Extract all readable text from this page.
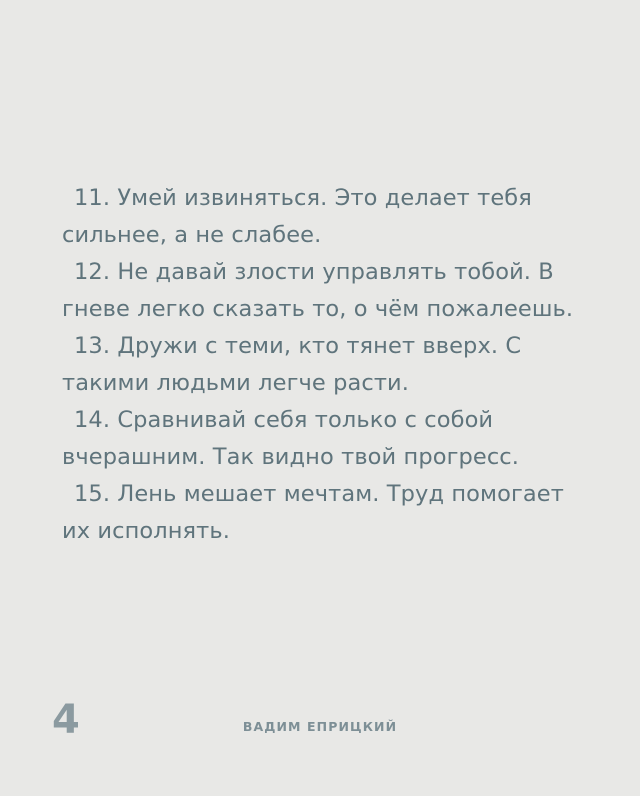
11. Умей извиняться. Это делает тебя сильнее, а не слабее.

12. Не давай злости управлять тобой. В гневе легко сказать то, о чём пожалеешь.

13. Дружи с теми, кто тянет вверх. С такими людьми легче расти.

14. Сравнивай себя только с собой вчерашним. Так видно твой прогресс.

15. Лень мешает мечтам. Труд помогает их исполнять.

4	ВАДИМ ЕПРИЦКИЙ
